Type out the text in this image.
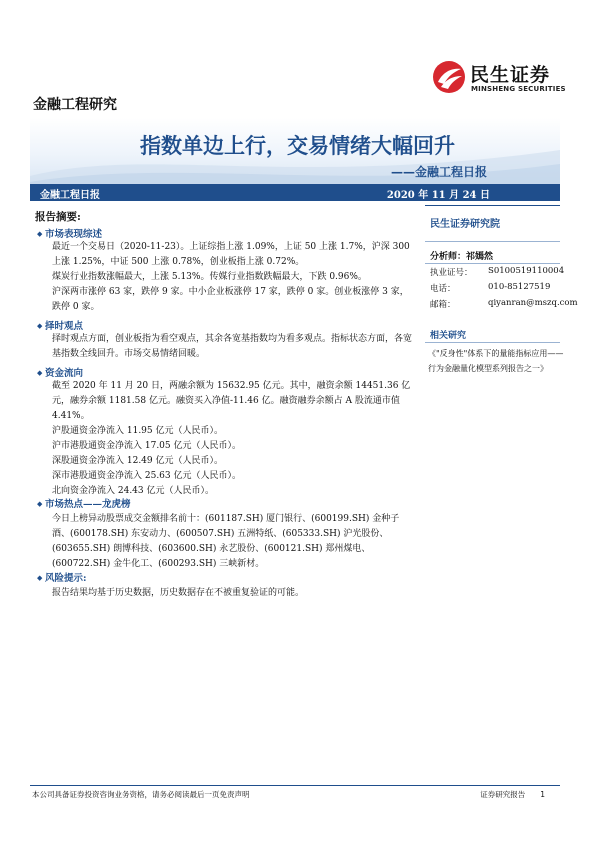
民生证券
MINSHENG SECURITIES
金融工程研究
指数单边上行，交易情绪大幅回升
——金融工程日报
金融工程日报	2020 年 11 月 24 日
报告摘要:
◆ 市场表现综述

最近一个交易日（2020-11-23）。上证综指上涨 1.09%，上证 50 上涨 1.7%，沪深 300 上涨 1.25%，中证 500 上涨 0.78%，创业板指上涨 0.72%。

煤炭行业指数涨幅最大，上涨 5.13%。传媒行业指数跌幅最大，下跌 0.96%。

沪深两市涨停 63 家，跌停 9 家。中小企业板涨停 17 家，跌停 0 家。创业板涨停 3 家，跌停 0 家。

◆ 择时观点

择时观点方面，创业板指为看空观点，其余各宽基指数均为看多观点。指标状态方面，各宽基指数全线回升。市场交易情绪回暖。

◆ 资金流向

截至 2020 年 11 月 20 日，两融余额为 15632.95 亿元。其中，融资余额 14451.36 亿元，融券余额 1181.58 亿元。融资买入净值-11.46 亿。融资融券余额占 A 股流通市值 4.41%。

沪股通资金净流入 11.95 亿元（人民币）。

沪市港股通资金净流入 17.05 亿元（人民币）。

深股通资金净流入 12.49 亿元（人民币）。

深市港股通资金净流入 25.63 亿元（人民币）。

北向资金净流入 24.43 亿元（人民币）。

◆ 市场热点——龙虎榜

今日上榜异动股票成交金额排名前十：(601187.SH) 厦门银行、(600199.SH) 金种子酒、(600178.SH) 东安动力、(600507.SH) 五洲特纸、(605333.SH) 沪光股份、(603655.SH) 朗博科技、(603600.SH) 永艺股份、(600121.SH) 郑州煤电、(600722.SH) 金牛化工、(600293.SH) 三峡新材。

◆ 风险提示:

报告结果均基于历史数据，历史数据存在不被重复验证的可能。

民生证券研究院
分析师：祁嫣然
执业证号： S0100519110004
电话：	010-85127519
邮箱：	qiyanran@mszq.com
相关研究
《"反身性"体系下的量能指标应用——
行为金融量化模型系列报告之一》
本公司具备证券投资咨询业务资格，请务必阅读最后一页免责声明	证券研究报告　　1
